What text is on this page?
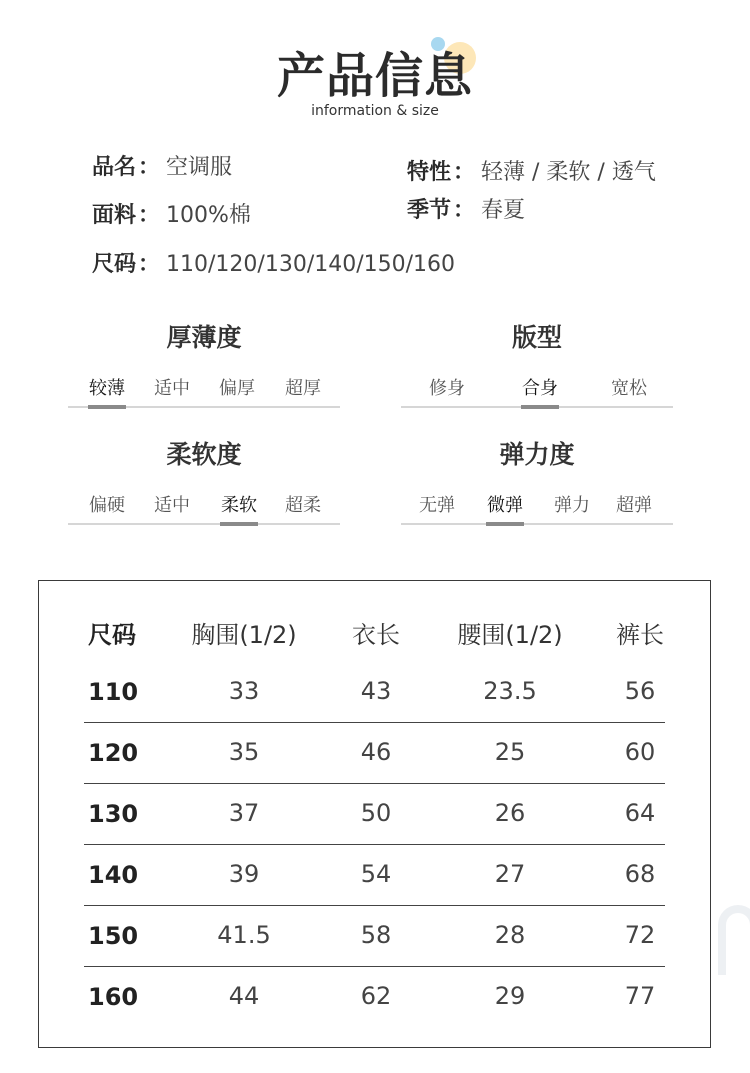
产品信息
information & size
品名： 空调服
面料： 100%棉
尺码： 110/120/130/140/150/160
特性： 轻薄 / 柔软 / 透气
季节： 春夏
厚薄度
较薄 适中 偏厚 超厚
版型
修身	合身	宽松
柔软度
偏硬 适中 柔软 超柔
弹力度
无弹 微弹 弹力 超弹
尺码 胸围(1/2) 衣长 腰围(1/2) 裤长
110	33	43	23.5	56
120	35	46	25	60
130	37	50	26	64
140	39	54	27	68
150	41.5	58	28	72
160	44	62	29	77
